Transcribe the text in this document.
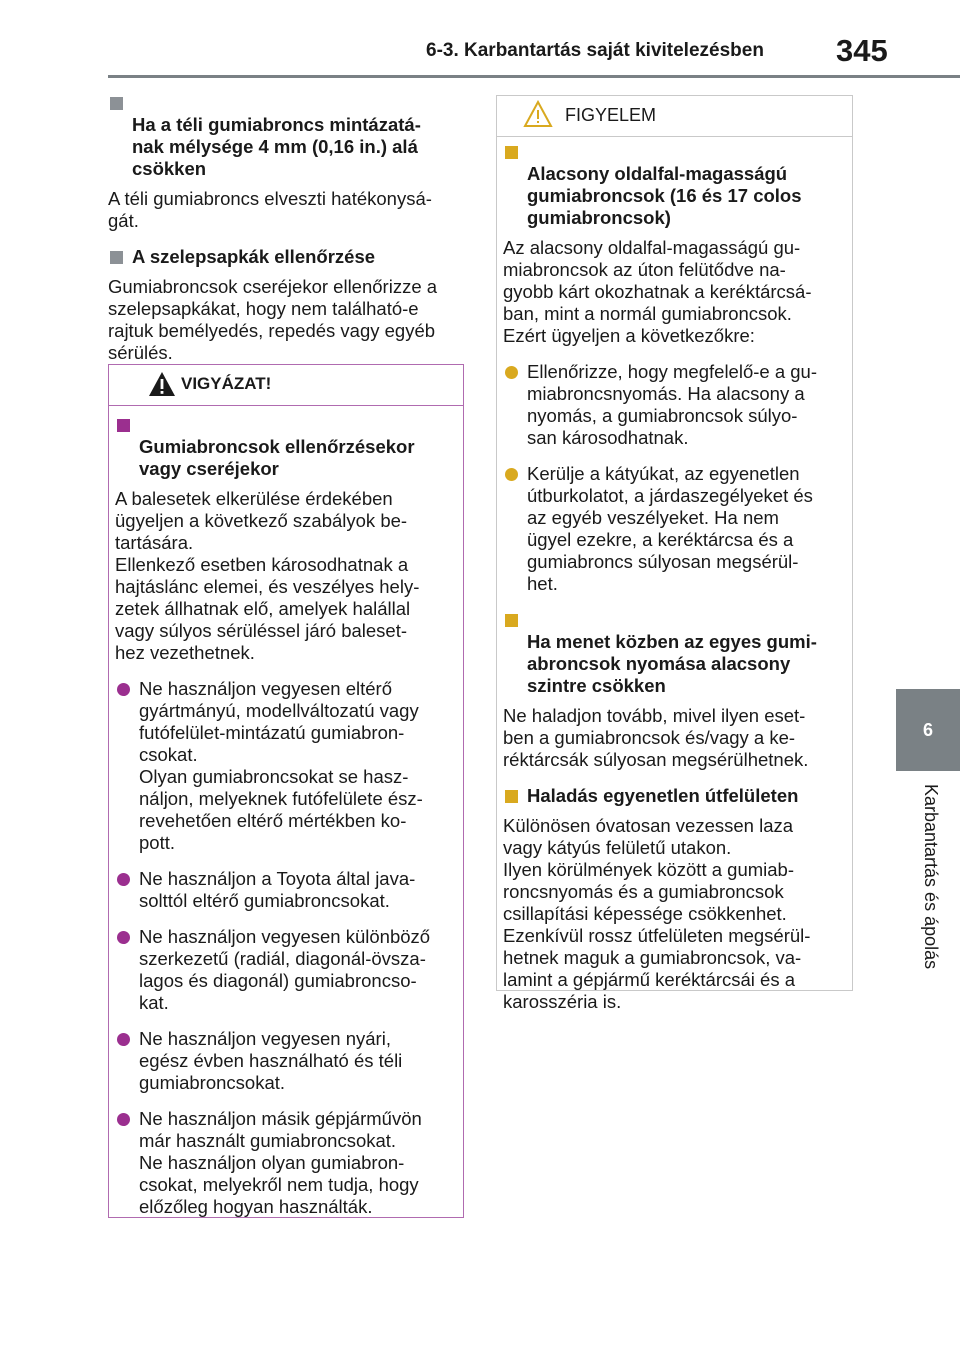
6-3. Karbantartás saját kivitelezésben 345
6
Karbantartás és ápolás

Ha a téli gumiabroncs mintázatá-
nak mélysége 4 mm (0,16 in.) alá
csökken

A téli gumiabroncs elveszti hatékonysá-
gát.

A szelepsapkák ellenőrzése

Gumiabroncsok cseréjekor ellenőrizze a
szelepsapkákat, hogy nem található-e
rajtuk bemélyedés, repedés vagy egyéb
sérülés.

VIGYÁZAT!

Gumiabroncsok ellenőrzésekor
vagy cseréjekor

A balesetek elkerülése érdekében
ügyeljen a következő szabályok be-
tartására.
Ellenkező esetben károsodhatnak a
hajtáslánc elemei, és veszélyes hely-
zetek állhatnak elő, amelyek halállal
vagy súlyos sérüléssel járó baleset-
hez vezethetnek.

Ne használjon vegyesen eltérő
gyártmányú, modellváltozatú vagy
futófelület-mintázatú gumiabron-
csokat.
Olyan gumiabroncsokat se hasz-
náljon, melyeknek futófelülete ész-
revehetően eltérő mértékben ko-
pott.
Ne használjon a Toyota által java-
solttól eltérő gumiabroncsokat.
Ne használjon vegyesen különböző
szerkezetű (radiál, diagonál-övsza-
lagos és diagonál) gumiabroncso-
kat.
Ne használjon vegyesen nyári,
egész évben használható és téli
gumiabroncsokat.
Ne használjon másik gépjárművön
már használt gumiabroncsokat.
Ne használjon olyan gumiabron-
csokat, melyekről nem tudja, hogy
előzőleg hogyan használták.
FIGYELEM

Alacsony oldalfal-magasságú
gumiabroncsok (16 és 17 colos
gumiabroncsok)

Az alacsony oldalfal-magasságú gu-
miabroncsok az úton felütődve na-
gyobb kárt okozhatnak a keréktárcsá-
ban, mint a normál gumiabroncsok.
Ezért ügyeljen a következőkre:

Ellenőrizze, hogy megfelelő-e a gu-
miabroncsnyomás. Ha alacsony a
nyomás, a gumiabroncsok súlyo-
san károsodhatnak.
Kerülje a kátyúkat, az egyenetlen
útburkolatot, a járdaszegélyeket és
az egyéb veszélyeket. Ha nem
ügyel ezekre, a keréktárcsa és a
gumiabroncs súlyosan megsérül-
het.

Ha menet közben az egyes gumi-
abroncsok nyomása alacsony
szintre csökken

Ne haladjon tovább, mivel ilyen eset-
ben a gumiabroncsok és/vagy a ke-
réktárcsák súlyosan megsérülhetnek.

Haladás egyenetlen útfelületen

Különösen óvatosan vezessen laza
vagy kátyús felületű utakon.
Ilyen körülmények között a gumiab-
roncsnyomás és a gumiabroncsok
csillapítási képessége csökkenhet.
Ezenkívül rossz útfelületen megsérül-
hetnek maguk a gumiabroncsok, va-
lamint a gépjármű keréktárcsái és a
karosszéria is.
